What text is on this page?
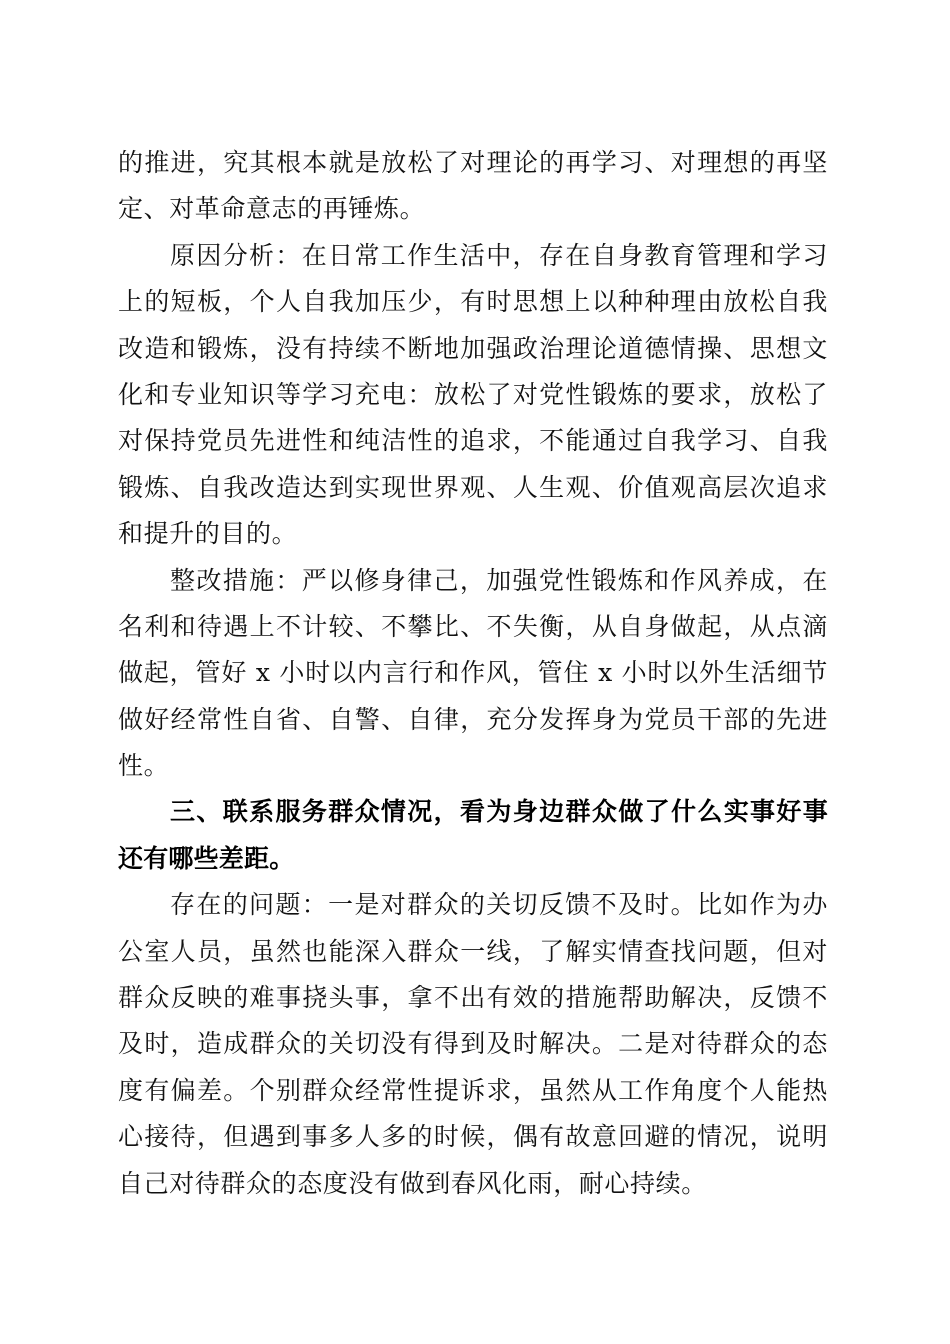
的推进，究其根本就是放松了对理论的再学习、对理想的再坚
定、对革命意志的再锤炼。
原因分析：在日常工作生活中，存在自身教育管理和学习
上的短板，个人自我加压少，有时思想上以种种理由放松自我
改造和锻炼，没有持续不断地加强政治理论道德情操、思想文
化和专业知识等学习充电：放松了对党性锻炼的要求，放松了
对保持党员先进性和纯洁性的追求，不能通过自我学习、自我
锻炼、自我改造达到实现世界观、人生观、价值观高层次追求
和提升的目的。
整改措施：严以修身律己，加强党性锻炼和作风养成，在
名利和待遇上不计较、不攀比、不失衡，从自身做起，从点滴
做起，管好 x 小时以内言行和作风，管住 x 小时以外生活细节
做好经常性自省、自警、自律，充分发挥身为党员干部的先进
性。
三、联系服务群众情况，看为身边群众做了什么实事好事
还有哪些差距。
存在的问题：一是对群众的关切反馈不及时。比如作为办
公室人员，虽然也能深入群众一线，了解实情查找问题，但对
群众反映的难事挠头事，拿不出有效的措施帮助解决，反馈不
及时，造成群众的关切没有得到及时解决。二是对待群众的态
度有偏差。个别群众经常性提诉求，虽然从工作角度个人能热
心接待，但遇到事多人多的时候，偶有故意回避的情况，说明
自己对待群众的态度没有做到春风化雨，耐心持续。
